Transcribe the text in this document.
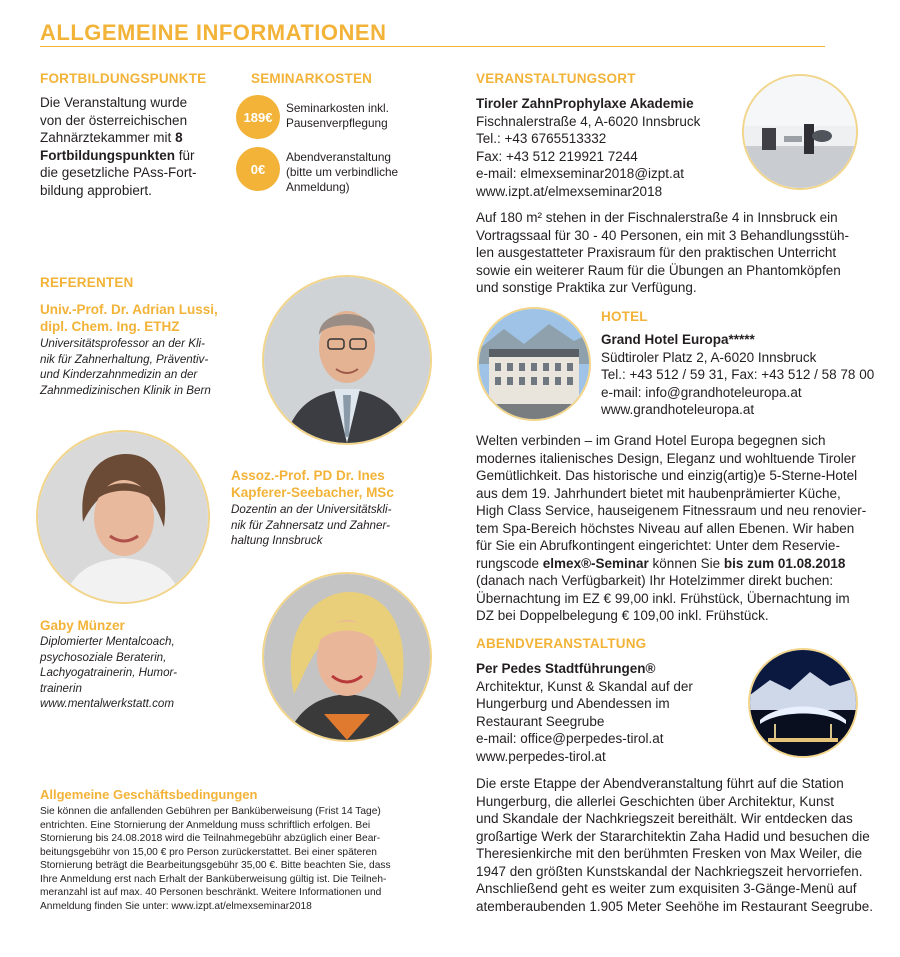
ALLGEMEINE INFORMATIONEN
FORTBILDUNGSPUNKTE
Die Veranstaltung wurde
von der österreichischen
Zahnärztekammer mit 8
Fortbildungspunkten für
die gesetzliche PAss-Fort-
bildung approbiert.
SEMINARKOSTEN
189€
Seminarkosten inkl.
Pausenverpflegung
0€
Abendveranstaltung
(bitte um verbindliche
Anmeldung)
REFERENTEN
Univ.-Prof. Dr. Adrian Lussi,
dipl. Chem. Ing. ETHZ
Universitätsprofessor an der Kli-
nik für Zahnerhaltung, Präventiv-
und Kinderzahnmedizin an der
Zahnmedizinischen Klinik in Bern
Assoz.-Prof. PD Dr. Ines
Kapferer-Seebacher, MSc
Dozentin an der Universitätskli-
nik für Zahnersatz und Zahner-
haltung Innsbruck
Gaby Münzer
Diplomierter Mentalcoach,
psychosoziale Beraterin,
Lachyogatrainerin, Humor-
trainerin
www.mentalwerkstatt.com
Allgemeine Geschäftsbedingungen
Sie können die anfallenden Gebühren per Banküberweisung (Frist 14 Tage)
entrichten. Eine Stornierung der Anmeldung muss schriftlich erfolgen. Bei
Stornierung bis 24.08.2018 wird die Teilnahmegebühr abzüglich einer Bear-
beitungsgebühr von 15,00 € pro Person zurückerstattet. Bei einer späteren
Stornierung beträgt die Bearbeitungsgebühr 35,00 €. Bitte beachten Sie, dass
Ihre Anmeldung erst nach Erhalt der Banküberweisung gültig ist. Die Teilneh-
meranzahl ist auf max. 40 Personen beschränkt. Weitere Informationen und
Anmeldung finden Sie unter: www.izpt.at/elmexseminar2018
VERANSTALTUNGSORT
Tiroler ZahnProphylaxe Akademie
Fischnalerstraße 4, A-6020 Innsbruck
Tel.: +43 6765513332
Fax: +43 512 219921 7244
e-mail: elmexseminar2018@izpt.at
www.izpt.at/elmexseminar2018
Auf 180 m² stehen in der Fischnalerstraße 4 in Innsbruck ein
Vortragssaal für 30 - 40 Personen, ein mit 3 Behandlungsstüh-
len ausgestatteter Praxisraum für den praktischen Unterricht
sowie ein weiterer Raum für die Übungen an Phantomköpfen
und sonstige Praktika zur Verfügung.
HOTEL
Grand Hotel Europa*****
Südtiroler Platz 2, A-6020 Innsbruck
Tel.: +43 512 / 59 31, Fax: +43 512 / 58 78 00
e-mail: info@grandhoteleuropa.at
www.grandhoteleuropa.at
Welten verbinden – im Grand Hotel Europa begegnen sich
modernes italienisches Design, Eleganz und wohltuende Tiroler
Gemütlichkeit. Das historische und einzig(artig)e 5-Sterne-Hotel
aus dem 19. Jahrhundert bietet mit haubenprämierter Küche,
High Class Service, hauseigenem Fitnessraum und neu renovier-
tem Spa-Bereich höchstes Niveau auf allen Ebenen. Wir haben
für Sie ein Abrufkontingent eingerichtet: Unter dem Reservie-
rungscode elmex®-Seminar können Sie bis zum 01.08.2018
(danach nach Verfügbarkeit) Ihr Hotelzimmer direkt buchen:
Übernachtung im EZ € 99,00 inkl. Frühstück, Übernachtung im
DZ bei Doppelbelegung € 109,00 inkl. Frühstück.
ABENDVERANSTALTUNG
Per Pedes Stadtführungen®
Architektur, Kunst & Skandal auf der
Hungerburg und Abendessen im
Restaurant Seegrube
e-mail: office@perpedes-tirol.at
www.perpedes-tirol.at
Die erste Etappe der Abendveranstaltung führt auf die Station
Hungerburg, die allerlei Geschichten über Architektur, Kunst
und Skandale der Nachkriegszeit bereithält. Wir entdecken das
großartige Werk der Stararchitektin Zaha Hadid und besuchen die
Theresienkirche mit den berühmten Fresken von Max Weiler, die
1947 den größten Kunstskandal der Nachkriegszeit hervorriefen.
Anschließend geht es weiter zum exquisiten 3-Gänge-Menü auf
atemberaubenden 1.905 Meter Seehöhe im Restaurant Seegrube.
